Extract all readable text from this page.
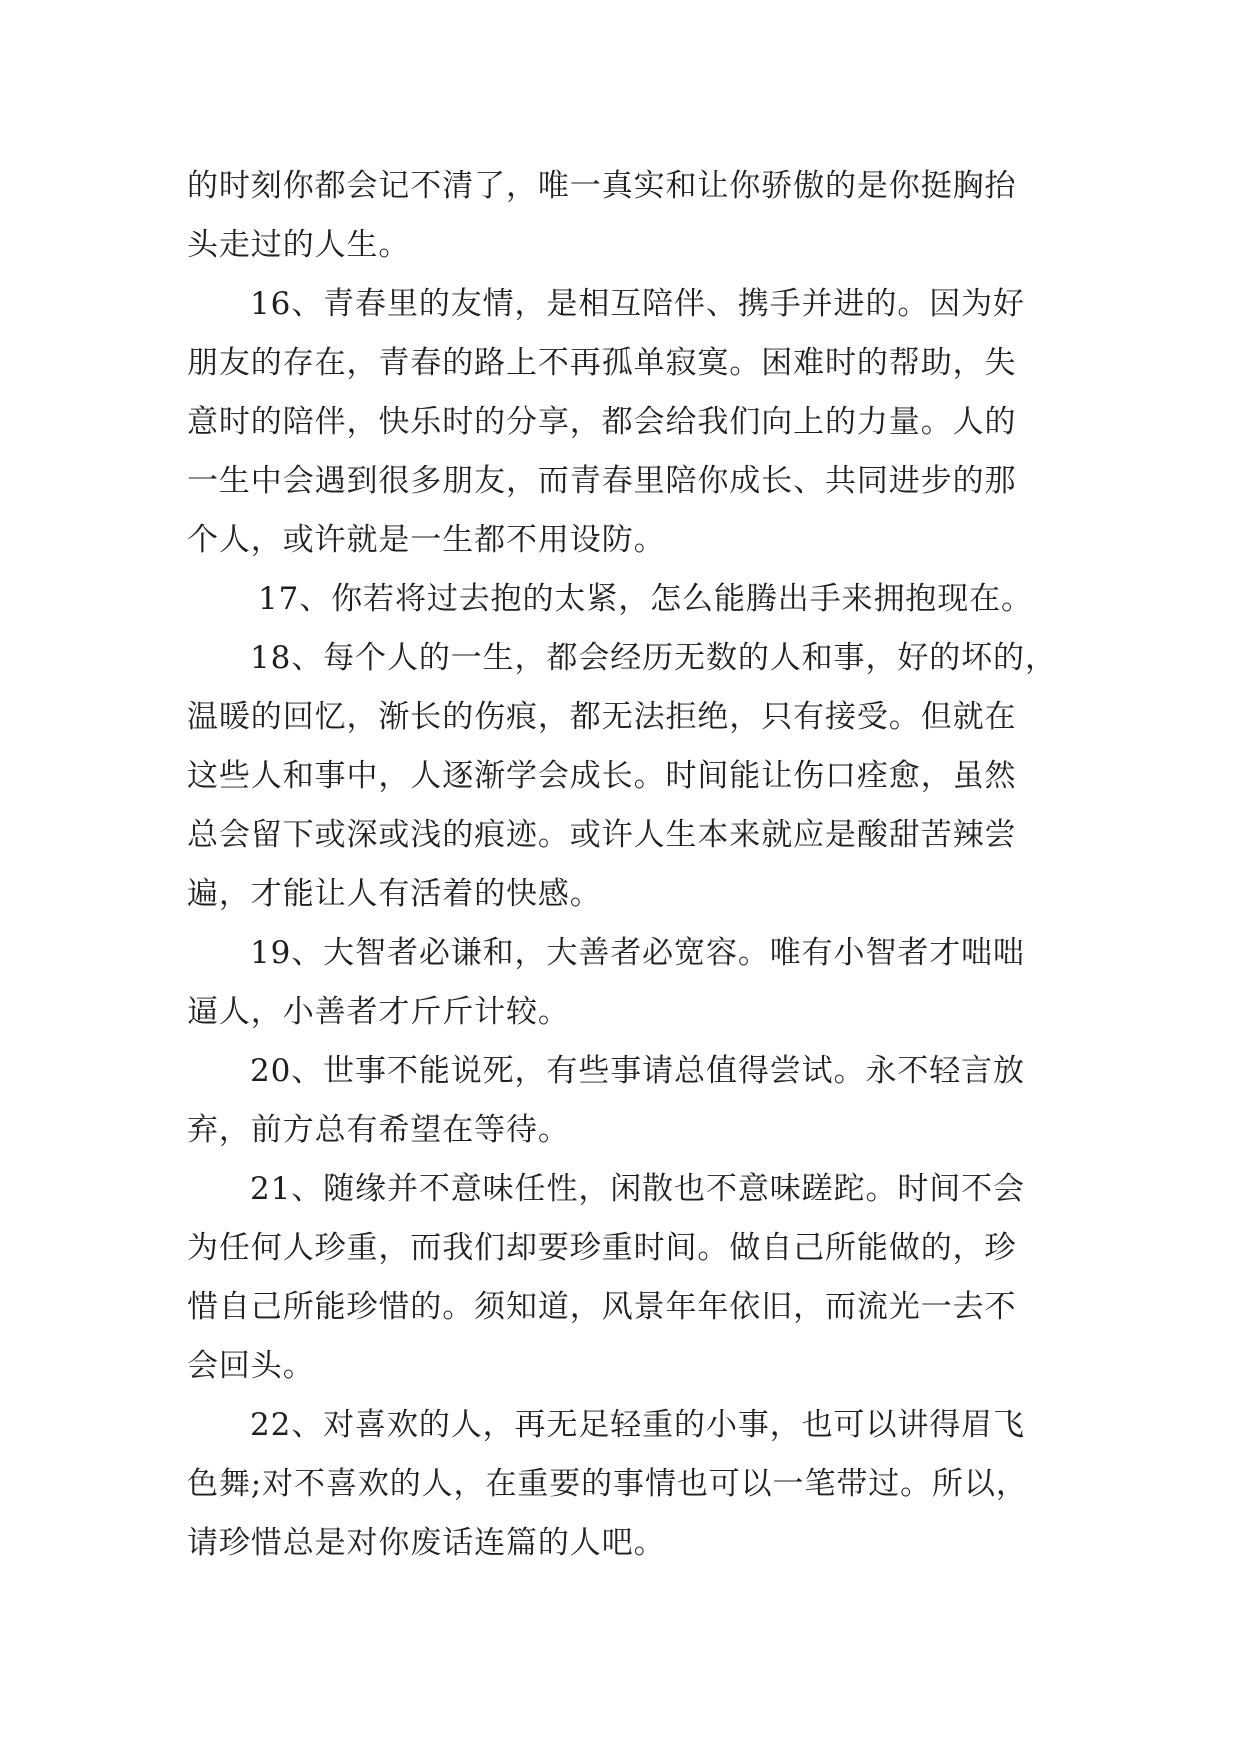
的时刻你都会记不清了，唯一真实和让你骄傲的是你挺胸抬
头走过的人生。
16、青春里的友情，是相互陪伴、携手并进的。因为好
朋友的存在，青春的路上不再孤单寂寞。困难时的帮助，失
意时的陪伴，快乐时的分享，都会给我们向上的力量。人的
一生中会遇到很多朋友，而青春里陪你成长、共同进步的那
个人，或许就是一生都不用设防。
17、你若将过去抱的太紧，怎么能腾出手来拥抱现在。
18、每个人的一生，都会经历无数的人和事，好的坏的，
温暖的回忆，渐长的伤痕，都无法拒绝，只有接受。但就在
这些人和事中，人逐渐学会成长。时间能让伤口痊愈，虽然
总会留下或深或浅的痕迹。或许人生本来就应是酸甜苦辣尝
遍，才能让人有活着的快感。
19、大智者必谦和，大善者必宽容。唯有小智者才咄咄
逼人，小善者才斤斤计较。
20、世事不能说死，有些事请总值得尝试。永不轻言放
弃，前方总有希望在等待。
21、随缘并不意味任性，闲散也不意味蹉跎。时间不会
为任何人珍重，而我们却要珍重时间。做自己所能做的，珍
惜自己所能珍惜的。须知道，风景年年依旧，而流光一去不
会回头。
22、对喜欢的人，再无足轻重的小事，也可以讲得眉飞
色舞;对不喜欢的人，在重要的事情也可以一笔带过。所以，
请珍惜总是对你废话连篇的人吧。
